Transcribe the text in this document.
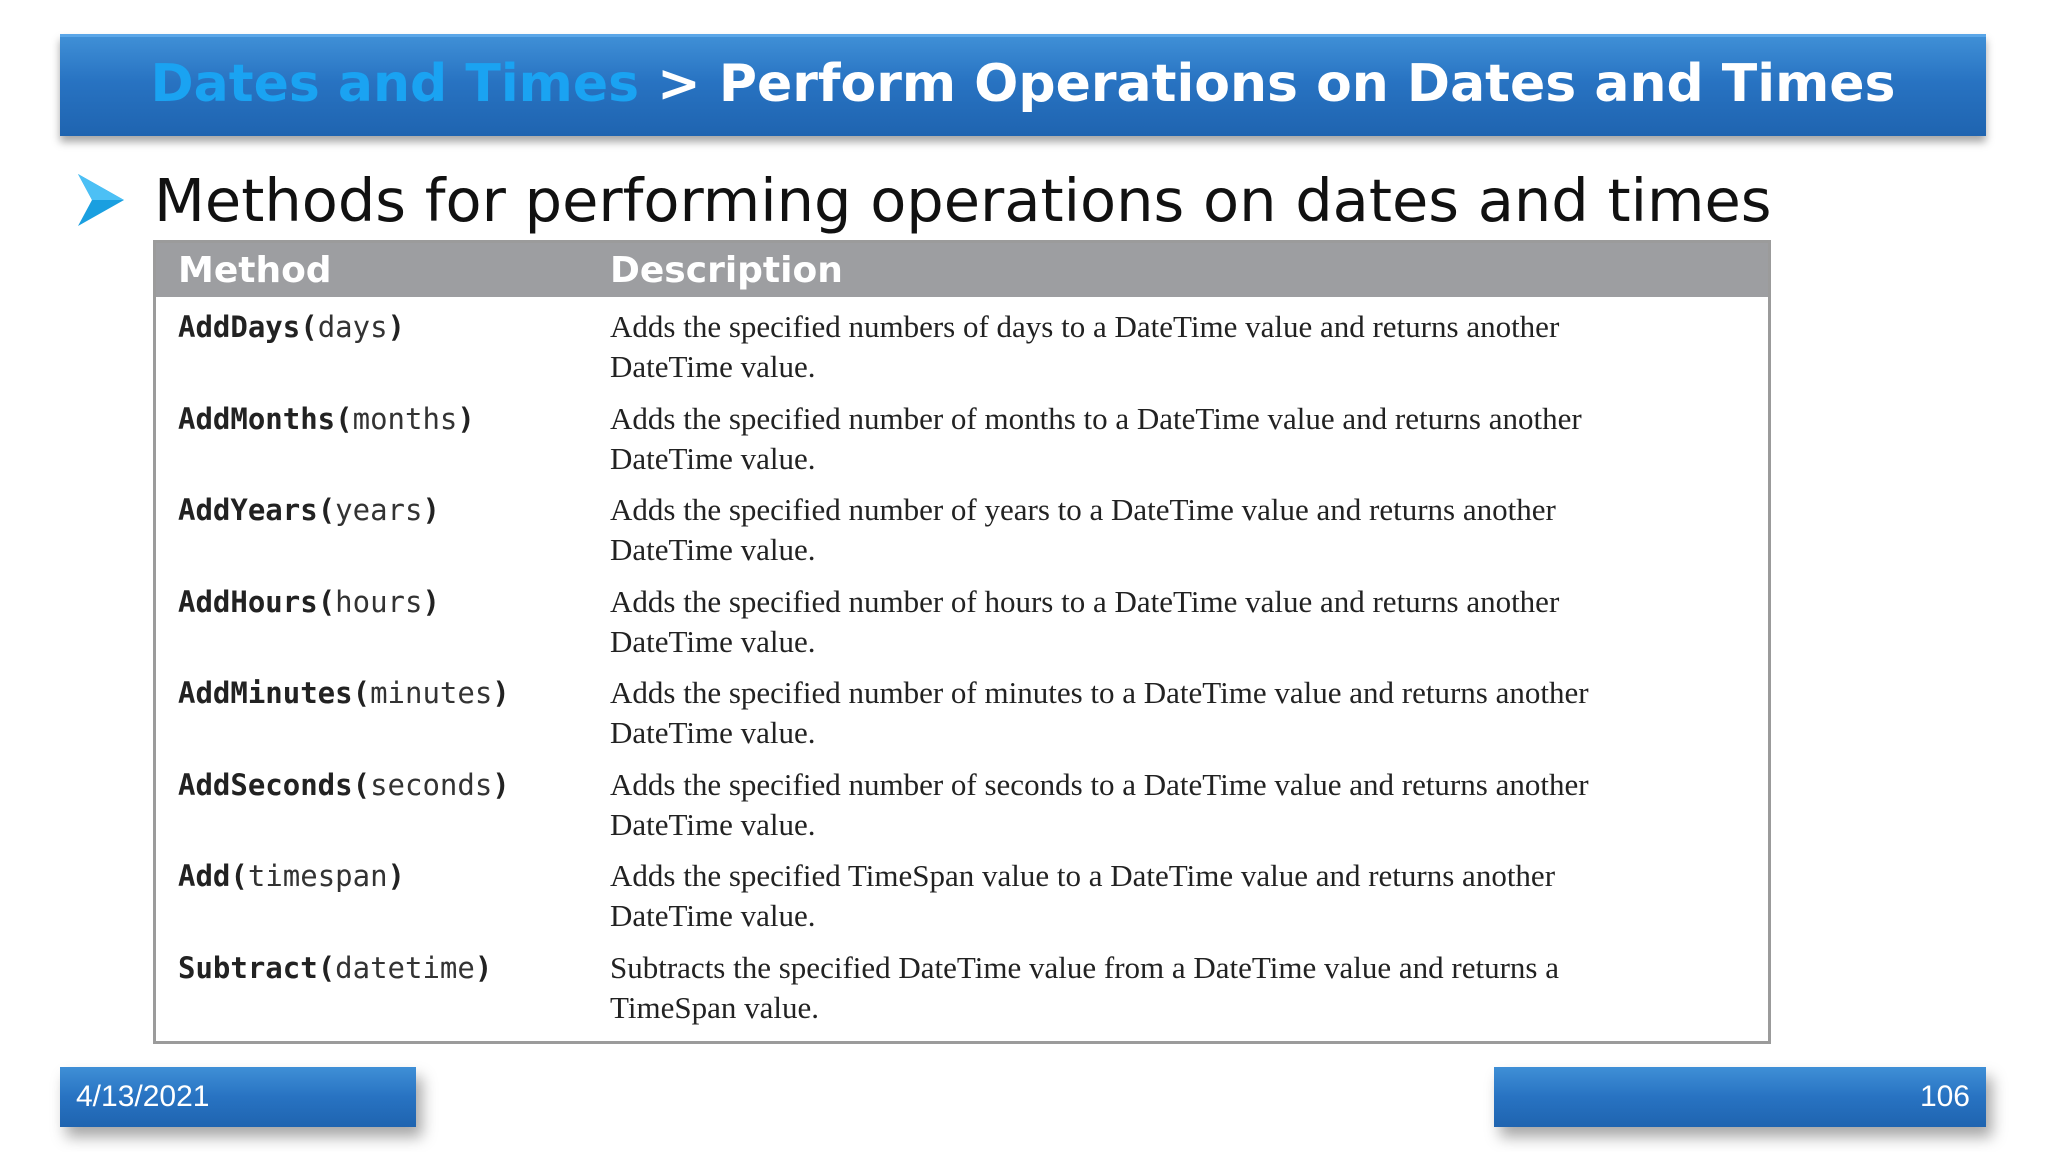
Dates and Times > Perform Operations on Dates and Times
Methods for performing operations on dates and times
Method	Description
AddDays(days)	Adds the specified numbers of days to a DateTime value and returns another
DateTime value.
AddMonths(months)	Adds the specified number of months to a DateTime value and returns another
DateTime value.
AddYears(years)	Adds the specified number of years to a DateTime value and returns another
DateTime value.
AddHours(hours)	Adds the specified number of hours to a DateTime value and returns another
DateTime value.
AddMinutes(minutes)	Adds the specified number of minutes to a DateTime value and returns another
DateTime value.
AddSeconds(seconds)	Adds the specified number of seconds to a DateTime value and returns another
DateTime value.
Add(timespan)	Adds the specified TimeSpan value to a DateTime value and returns another
DateTime value.
Subtract(datetime)	Subtracts the specified DateTime value from a DateTime value and returns a
TimeSpan value.
4/13/2021	106
